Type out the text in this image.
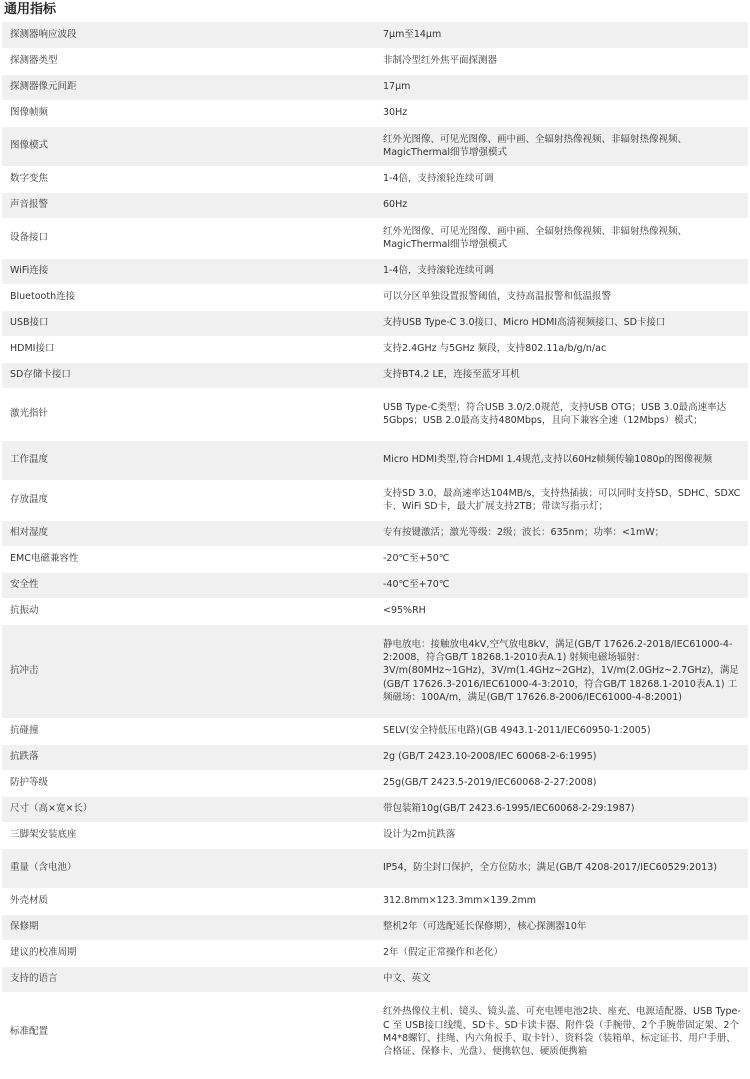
通用指标
探测器响应波段	7μm至14μm
探测器类型	非制冷型红外焦平面探测器
探测器像元间距	17μm
图像帧频	30Hz
图像模式	红外光图像、可见光图像、画中画、全辐射热像视频、非辐射热像视频、MagicThermal细节增强模式
数字变焦	1-4倍，支持滚轮连续可调
声音报警	60Hz
设备接口	红外光图像、可见光图像、画中画、全辐射热像视频、非辐射热像视频、MagicThermal细节增强模式
WiFi连接	1-4倍，支持滚轮连续可调
Bluetooth连接	可以分区单独设置报警阈值，支持高温报警和低温报警
USB接口	支持USB Type-C 3.0接口、Micro HDMI高清视频接口、SD卡接口
HDMI接口	支持2.4GHz 与5GHz 频段，支持802.11a/b/g/n/ac
SD存储卡接口	支持BT4.2 LE，连接至蓝牙耳机
激光指针	USB Type-C类型；符合USB 3.0/2.0规范，支持USB OTG；USB 3.0最高速率达5Gbps；USB 2.0最高支持480Mbps，且向下兼容全速（12Mbps）模式；
工作温度	Micro HDMI类型,符合HDMI 1.4规范,支持以60Hz帧频传输1080p的图像视频
存放温度	支持SD 3.0，最高速率达104MB/s，支持热插拔；可以同时支持SD、SDHC、SDXC卡、WiFi SD卡，最大扩展支持2TB；带读写指示灯；
相对湿度	专有按键激活；激光等级：2级；波长：635nm；功率：<1mW；
EMC电磁兼容性	-20℃至+50℃
安全性	-40℃至+70℃
抗振动	<95%RH
抗冲击	静电放电：接触放电4kV,空气放电8kV，满足(GB/T 17626.2-2018/IEC61000-4-2:2008，符合GB/T 18268.1-2010表A.1) 射频电磁场辐射：3V/m(80MHz~1GHz)，3V/m(1.4GHz~2GHz)，1V/m(2.0GHz~2.7GHz)，满足(GB/T 17626.3-2016/IEC61000-4-3:2010，符合GB/T 18268.1-2010表A.1) 工频磁场：100A/m，满足(GB/T 17626.8-2006/IEC61000-4-8:2001)
抗碰撞	SELV(安全特低压电路)(GB 4943.1-2011/IEC60950-1:2005)
抗跌落	2g (GB/T 2423.10-2008/IEC 60068-2-6:1995)
防护等级	25g(GB/T 2423.5-2019/IEC60068-2-27:2008)
尺寸（高×宽×长）	带包装箱10g(GB/T 2423.6-1995/IEC60068-2-29:1987)
三脚架安装底座	设计为2m抗跌落
重量（含电池）	IP54，防尘封口保护，全方位防水；满足(GB/T 4208-2017/IEC60529:2013)
外壳材质	312.8mm×123.3mm×139.2mm
保修期	整机2年（可选配延长保修期），核心探测器10年
建议的校准周期	2年（假定正常操作和老化）
支持的语言	中文、英文
标准配置	红外热像仪主机、镜头、镜头盖、可充电锂电池2块、座充、电源适配器、USB Type-C 至 USB接口线缆、SD卡、SD卡读卡器、附件袋（手腕带、2个手腕带固定架、2个M4*8螺钉、挂绳、内六角扳手、取卡针）、资料袋（装箱单、标定证书、用户手册、合格证、保修卡、光盘）、便携软包、硬质便携箱
